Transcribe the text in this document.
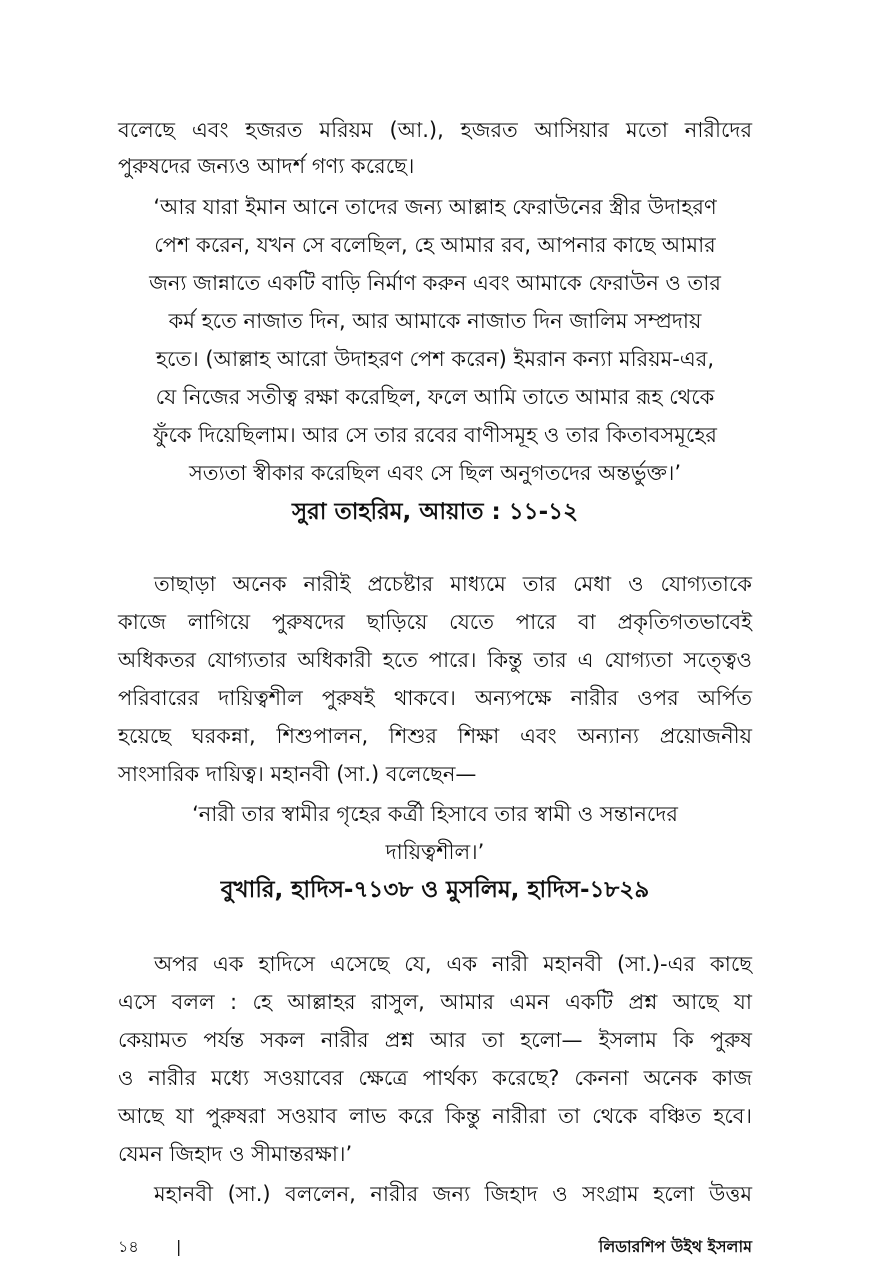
বলেছে এবং হজরত মরিয়ম (আ.), হজরত আসিয়ার মতো নারীদের
পুরুষদের জন্যও আদর্শ গণ্য করেছে।
‘আর যারা ইমান আনে তাদের জন্য আল্লাহ ফেরাউনের স্ত্রীর উদাহরণ
পেশ করেন, যখন সে বলেছিল, হে আমার রব, আপনার কাছে আমার
জন্য জান্নাতে একটি বাড়ি নির্মাণ করুন এবং আমাকে ফেরাউন ও তার
কর্ম হতে নাজাত দিন, আর আমাকে নাজাত দিন জালিম সম্প্রদায়
হতে। (আল্লাহ আরো উদাহরণ পেশ করেন) ইমরান কন্যা মরিয়ম-এর,
যে নিজের সতীত্ব রক্ষা করেছিল, ফলে আমি তাতে আমার রূহ থেকে
ফুঁকে দিয়েছিলাম। আর সে তার রবের বাণীসমূহ ও তার কিতাবসমূহের
সত্যতা স্বীকার করেছিল এবং সে ছিল অনুগতদের অন্তর্ভুক্ত।’
সুরা তাহরিম, আয়াত : ১১-১২
তাছাড়া অনেক নারীই প্রচেষ্টার মাধ্যমে তার মেধা ও যোগ্যতাকে
কাজে লাগিয়ে পুরুষদের ছাড়িয়ে যেতে পারে বা প্রকৃতিগতভাবেই
অধিকতর যোগ্যতার অধিকারী হতে পারে। কিন্তু তার এ যোগ্যতা সত্ত্বেও
পরিবারের দায়িত্বশীল পুরুষই থাকবে। অন্যপক্ষে নারীর ওপর অর্পিত
হয়েছে ঘরকন্না, শিশুপালন, শিশুর শিক্ষা এবং অন্যান্য প্রয়োজনীয়
সাংসারিক দায়িত্ব। মহানবী (সা.) বলেছেন—
‘নারী তার স্বামীর গৃহের কর্ত্রী হিসাবে তার স্বামী ও সন্তানদের
দায়িত্বশীল।’
বুখারি, হাদিস-৭১৩৮ ও মুসলিম, হাদিস-১৮২৯
অপর এক হাদিসে এসেছে যে, এক নারী মহানবী (সা.)-এর কাছে
এসে বলল : হে আল্লাহর রাসুল, আমার এমন একটি প্রশ্ন আছে যা
কেয়ামত পর্যন্ত সকল নারীর প্রশ্ন আর তা হলো— ইসলাম কি পুরুষ
ও নারীর মধ্যে সওয়াবের ক্ষেত্রে পার্থক্য করেছে? কেননা অনেক কাজ
আছে যা পুরুষরা সওয়াব লাভ করে কিন্তু নারীরা তা থেকে বঞ্চিত হবে।
যেমন জিহাদ ও সীমান্তরক্ষা।’
মহানবী (সা.) বললেন, নারীর জন্য জিহাদ ও সংগ্রাম হলো উত্তম
১৪ |	লিডারশিপ উইথ ইসলাম
